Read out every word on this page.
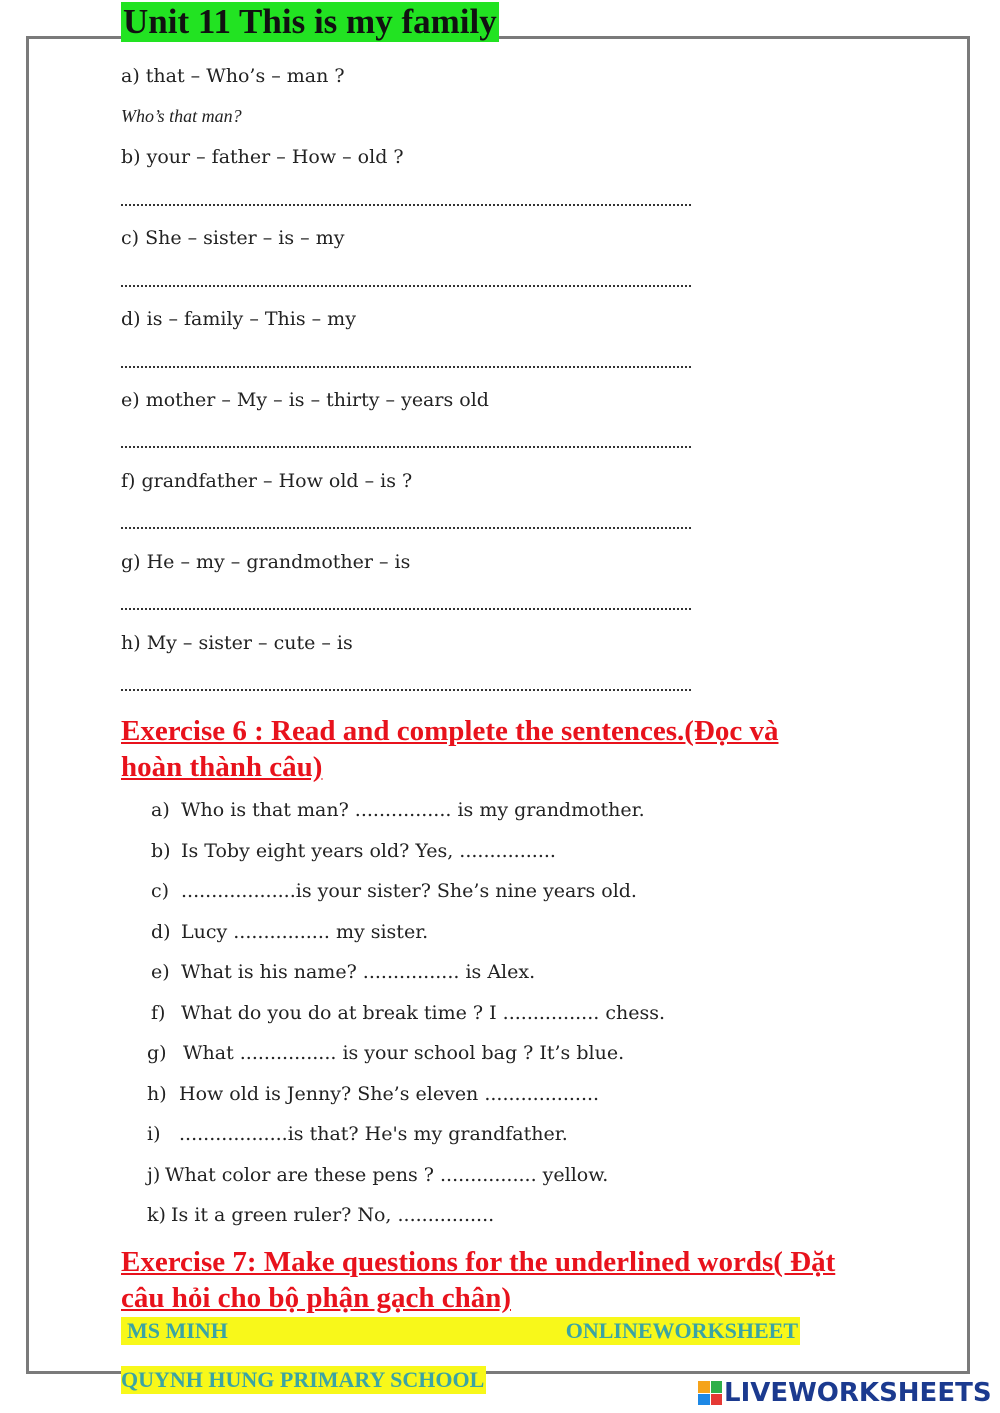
Unit 11 This is my family
a) that – Who’s – man ?
Who’s that man?
b) your – father – How – old ?
c) She – sister – is – my
d) is – family – This – my
e) mother – My – is – thirty – years old
f) grandfather – How old – is ?
g) He – my – grandmother – is
h) My – sister – cute – is
Exercise 6 : Read and complete the sentences.(Đọc và hoàn thành câu)
a) Who is that man? ................ is my grandmother.
b) Is Toby eight years old? Yes, ................
c) ...................is your sister? She’s nine years old.
d) Lucy ................ my sister.
e) What is his name? ................ is Alex.
f) What do you do at break time ? I ................ chess.
g) What ................ is your school bag ? It’s blue.
h) How old is Jenny? She’s eleven ...................
i) ..................is that? He's my grandfather.
j) What color are these pens ? ................ yellow.
k) Is it a green ruler? No, ................
Exercise 7: Make questions for the underlined words( Đặt câu hỏi cho bộ phận gạch chân)
MS MINH	ONLINEWORKSHEET
QUYNH HUNG PRIMARY SCHOOL	LIVEWORKSHEETS
